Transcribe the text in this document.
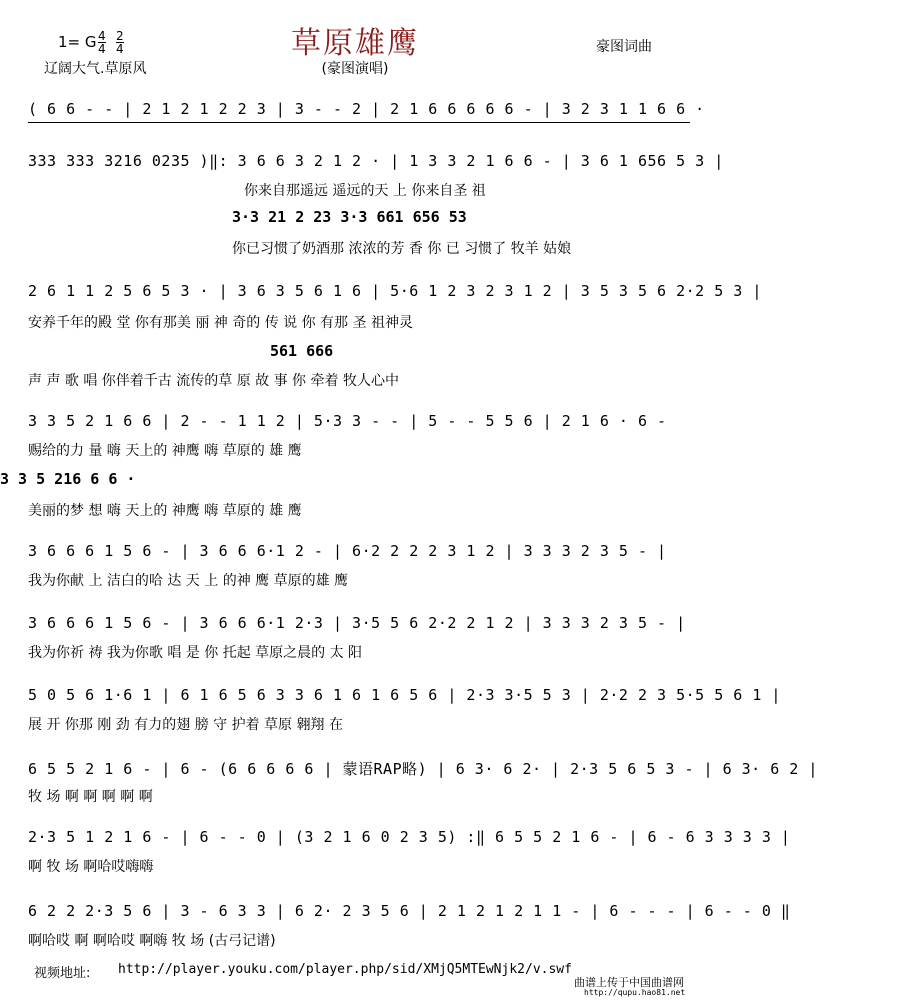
草原雄鹰
1= G 4
4
2
4
辽阔大气.草原风	(豪图演唱)
豪图词曲
( 6 6 - - | 2 1 2 1 2 2 3 | 3 - - 2 | 2 1 6 6 6 6 6 - | 3 2 3 1 1 6 6 ·
333 333 3216 0235 )‖: 3 6 6 3 2 1 2 · | 1 3 3 2 1 6 6 - | 3 6 1 656 5 3 |
你来自那遥远 遥远的天 上 你来自圣 祖
3·3 21 2 23 3·3 661 656 53
你已习惯了奶酒那 浓浓的芳 香 你 已 习惯了 牧羊 姑娘
2 6 1 1 2 5 6 5 3 · | 3 6 3 5 6 1 6 | 5·6 1 2 3 2 3 1 2 | 3 5 3 5 6 2·2 5 3 |
安养千年的殿 堂 你有那美 丽 神 奇的 传 说 你 有那 圣 祖神灵
561 666
声 声 歌 唱 你伴着千古 流传的草 原 故 事 你 牵着 牧人心中
3 3 5 2 1 6 6 | 2 - - 1 1 2 | 5·3 3 - - | 5 - - 5 5 6 | 2 1 6 · 6 -
赐给的力 量 嗨 天上的 神鹰 嗨 草原的 雄 鹰
3 3 5 216 6 6 ·
美丽的梦 想 嗨 天上的 神鹰 嗨 草原的 雄 鹰
3 6 6 6 1 5 6 - | 3 6 6 6·1 2 - | 6·2 2 2 2 3 1 2 | 3 3 3 2 3 5 - |
我为你献 上 洁白的哈 达 天 上 的神 鹰 草原的雄 鹰
3 6 6 6 1 5 6 - | 3 6 6 6·1 2·3 | 3·5 5 6 2·2 2 1 2 | 3 3 3 2 3 5 - |
我为你祈 祷 我为你歌 唱 是 你 托起 草原之晨的 太 阳
5 0 5 6 1·6 1 | 6 1 6 5 6 3 3 6 1 6 1 6 5 6 | 2·3 3·5 5 3 | 2·2 2 3 5·5 5 6 1 |
展 开 你那 刚 劲 有力的翅 膀 守 护着 草原 翱翔 在
6 5 5 2 1 6 - | 6 - (6 6 6 6 6 | 蒙语RAP略) | 6 3· 6 2· | 2·3 5 6 5 3 - | 6 3· 6 2 |
牧 场 啊 啊 啊 啊 啊
2·3 5 1 2 1 6 - | 6 - - 0 | (3 2 1 6 0 2 3 5) :‖ 6 5 5 2 1 6 - | 6 - 6 3 3 3 3 |
啊 牧 场 啊哈哎嗨嗨
6 2 2 2·3 5 6 | 3 - 6 3 3 | 6 2· 2 3 5 6 | 2 1 2 1 2 1 1 - | 6 - - - | 6 - - 0 ‖
啊哈哎 啊 啊哈哎 啊嗨 牧 场 (古弓记谱)
视频地址: http://player.youku.com/player.php/sid/XMjQ5MTEwNjk2/v.swf
曲谱上传于中国曲谱网
http://qupu.hao81.net
